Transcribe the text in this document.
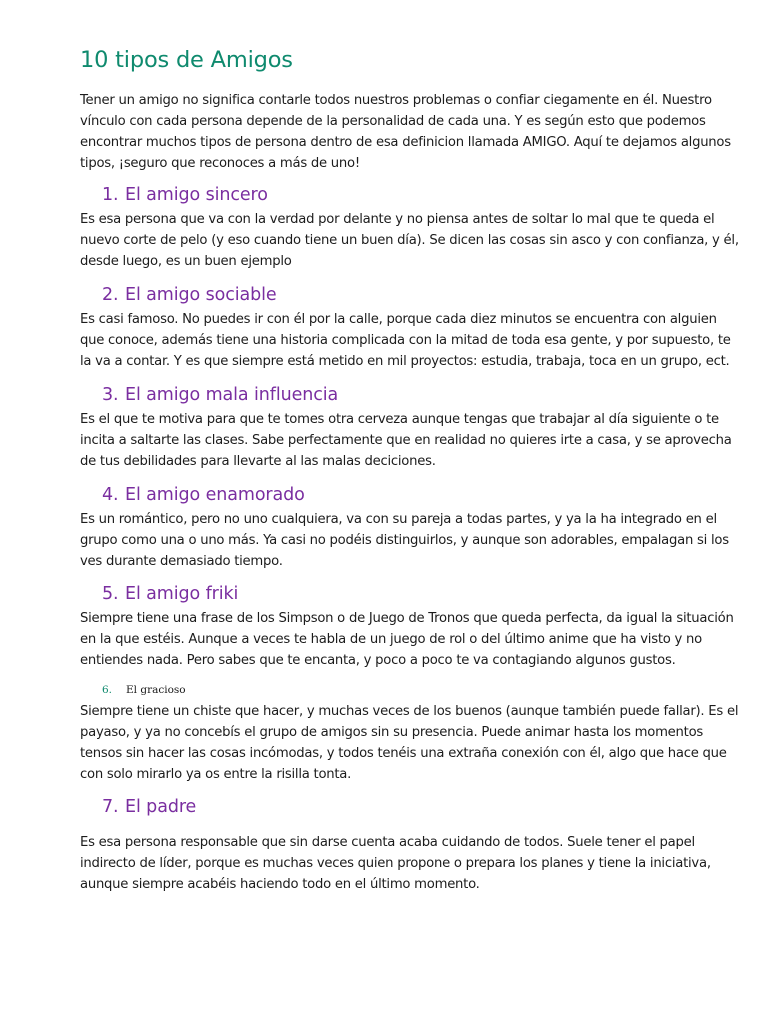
10 tipos de Amigos

Tener un amigo no significa contarle todos nuestros problemas o confiar ciegamente en él. Nuestro vínculo con cada persona depende de la personalidad de cada una. Y es según esto que podemos encontrar muchos tipos de persona dentro de esa definicion llamada AMIGO. Aquí te dejamos algunos tipos, ¡seguro que reconoces a más de uno!

1. El amigo sincero

Es esa persona que va con la verdad por delante y no piensa antes de soltar lo mal que te queda el nuevo corte de pelo (y eso cuando tiene un buen día). Se dicen las cosas sin asco y con confianza, y él, desde luego, es un buen ejemplo

2. El amigo sociable

Es casi famoso. No puedes ir con él por la calle, porque cada diez minutos se encuentra con alguien que conoce, además tiene una historia complicada con la mitad de toda esa gente, y por supuesto, te la va a contar. Y es que siempre está metido en mil proyectos: estudia, trabaja, toca en un grupo, ect.

3. El amigo mala influencia

Es el que te motiva para que te tomes otra cerveza aunque tengas que trabajar al día siguiente o te incita a saltarte las clases. Sabe perfectamente que en realidad no quieres irte a casa, y se aprovecha de tus debilidades para llevarte al las malas deciciones.

4. El amigo enamorado

Es un romántico, pero no uno cualquiera, va con su pareja a todas partes, y ya la ha integrado en el grupo como una o uno más. Ya casi no podéis distinguirlos, y aunque son adorables, empalagan si los ves durante demasiado tiempo.

5. El amigo friki

Siempre tiene una frase de los Simpson o de Juego de Tronos que queda perfecta, da igual la situación en la que estéis. Aunque a veces te habla de un juego de rol o del último anime que ha visto y no entiendes nada. Pero sabes que te encanta, y poco a poco te va contagiando algunos gustos.

6. El gracioso

Siempre tiene un chiste que hacer, y muchas veces de los buenos (aunque también puede fallar). Es el payaso, y ya no concebís el grupo de amigos sin su presencia. Puede animar hasta los momentos tensos sin hacer las cosas incómodas, y todos tenéis una extraña conexión con él, algo que hace que con solo mirarlo ya os entre la risilla tonta.

7. El padre

Es esa persona responsable que sin darse cuenta acaba cuidando de todos. Suele tener el papel indirecto de líder, porque es muchas veces quien propone o prepara los planes y tiene la iniciativa, aunque siempre acabéis haciendo todo en el último momento.
